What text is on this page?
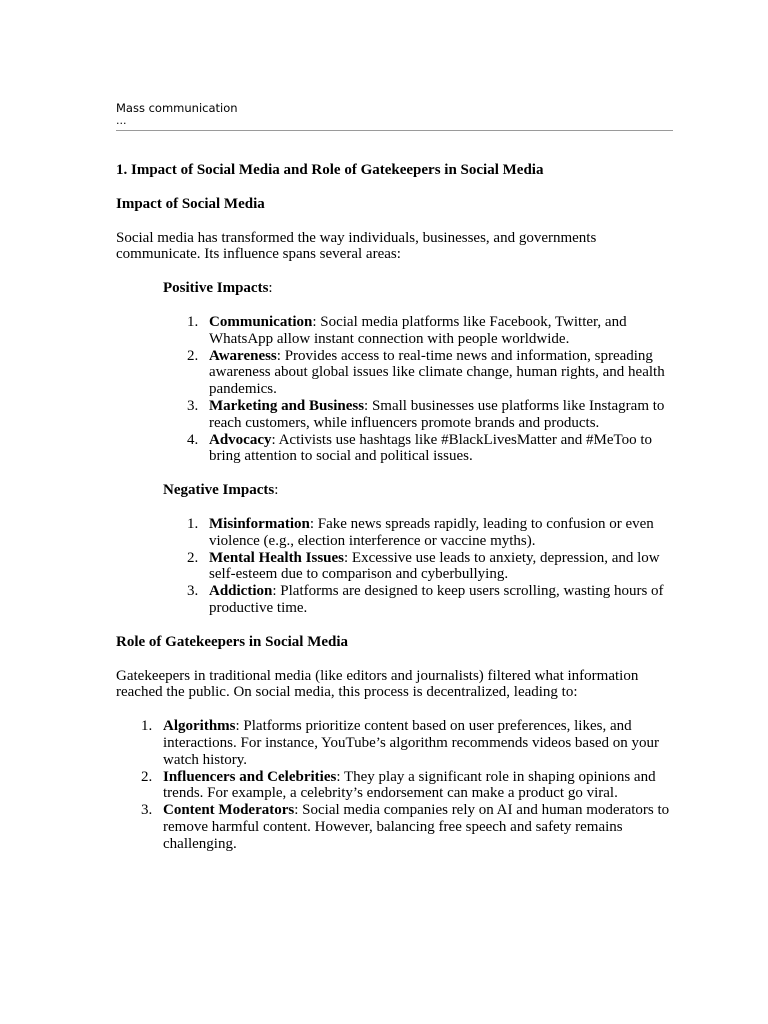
Mass communication
...
1. Impact of Social Media and Role of Gatekeepers in Social Media
Impact of Social Media
Social media has transformed the way individuals, businesses, and governments communicate. Its influence spans several areas:
Positive Impacts:
1. Communication: Social media platforms like Facebook, Twitter, and WhatsApp allow instant connection with people worldwide.
2. Awareness: Provides access to real-time news and information, spreading awareness about global issues like climate change, human rights, and health pandemics.
3. Marketing and Business: Small businesses use platforms like Instagram to reach customers, while influencers promote brands and products.
4. Advocacy: Activists use hashtags like #BlackLivesMatter and #MeToo to bring attention to social and political issues.
Negative Impacts:
1. Misinformation: Fake news spreads rapidly, leading to confusion or even violence (e.g., election interference or vaccine myths).
2. Mental Health Issues: Excessive use leads to anxiety, depression, and low self-esteem due to comparison and cyberbullying.
3. Addiction: Platforms are designed to keep users scrolling, wasting hours of productive time.
Role of Gatekeepers in Social Media
Gatekeepers in traditional media (like editors and journalists) filtered what information reached the public. On social media, this process is decentralized, leading to:
1. Algorithms: Platforms prioritize content based on user preferences, likes, and interactions. For instance, YouTube’s algorithm recommends videos based on your watch history.
2. Influencers and Celebrities: They play a significant role in shaping opinions and trends. For example, a celebrity’s endorsement can make a product go viral.
3. Content Moderators: Social media companies rely on AI and human moderators to remove harmful content. However, balancing free speech and safety remains challenging.
